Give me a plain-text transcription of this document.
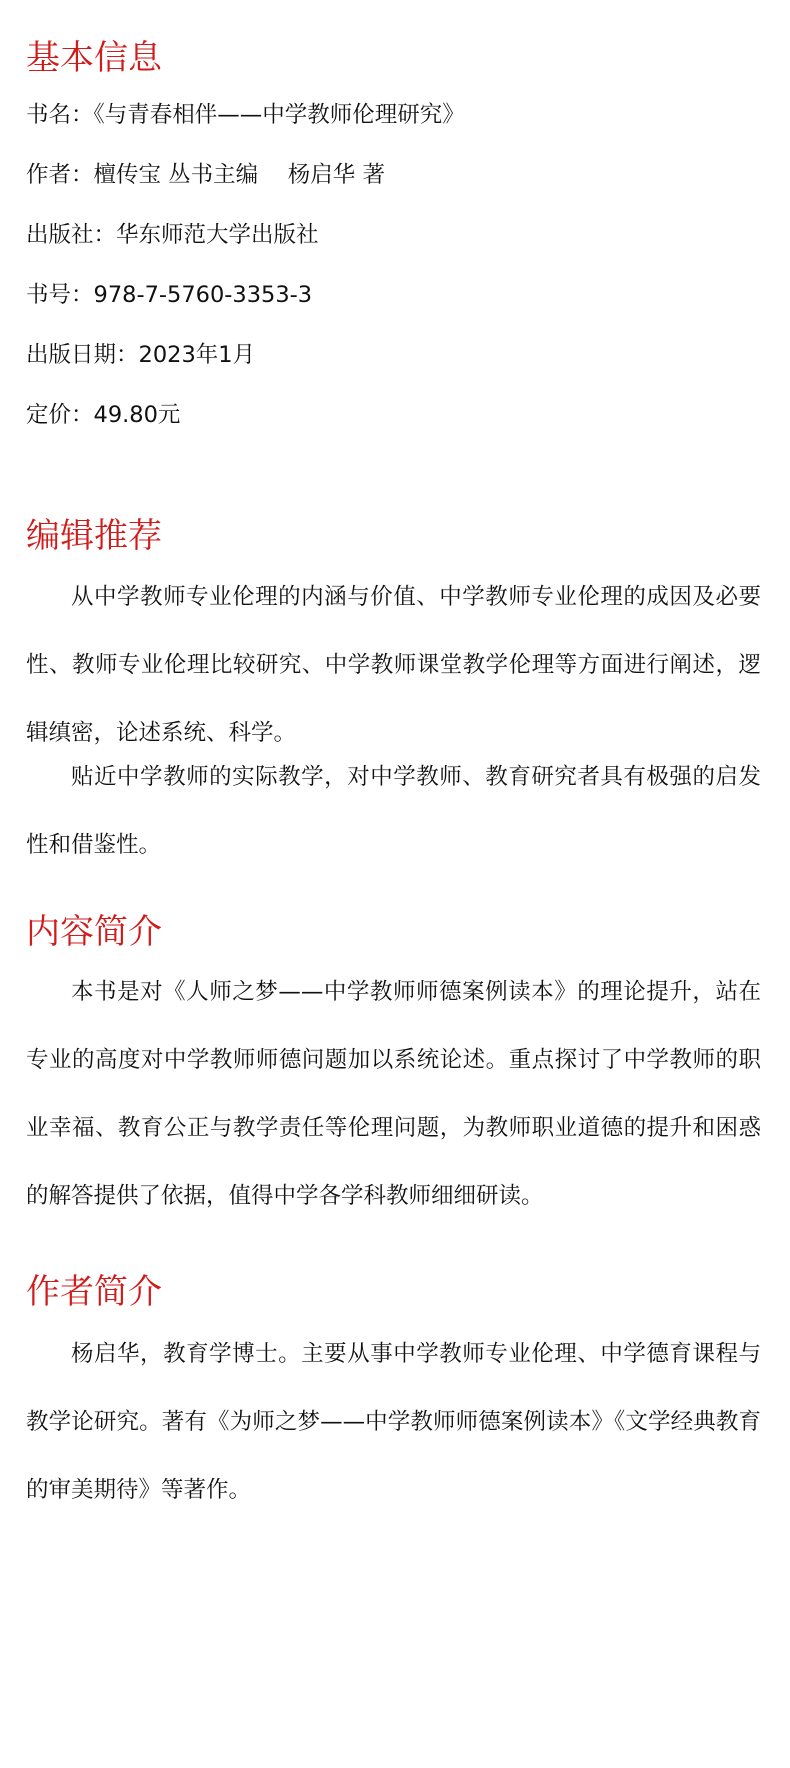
基本信息

书名：《与青春相伴——中学教师伦理研究》

作者：檀传宝 丛书主编　 杨启华 著

出版社：华东师范大学出版社

书号：978-7-5760-3353-3

出版日期：2023年1月

定价：49.80元

编辑推荐

从中学教师专业伦理的内涵与价值、中学教师专业伦理的成因及必要性、教师专业伦理比较研究、中学教师课堂教学伦理等方面进行阐述，逻辑缜密，论述系统、科学。

贴近中学教师的实际教学，对中学教师、教育研究者具有极强的启发性和借鉴性。

内容简介

本书是对《人师之梦——中学教师师德案例读本》的理论提升，站在专业的高度对中学教师师德问题加以系统论述。重点探讨了中学教师的职业幸福、教育公正与教学责任等伦理问题，为教师职业道德的提升和困惑的解答提供了依据，值得中学各学科教师细细研读。

作者简介

杨启华，教育学博士。主要从事中学教师专业伦理、中学德育课程与教学论研究。著有《为师之梦——中学教师师德案例读本》《文学经典教育的审美期待》等著作。
